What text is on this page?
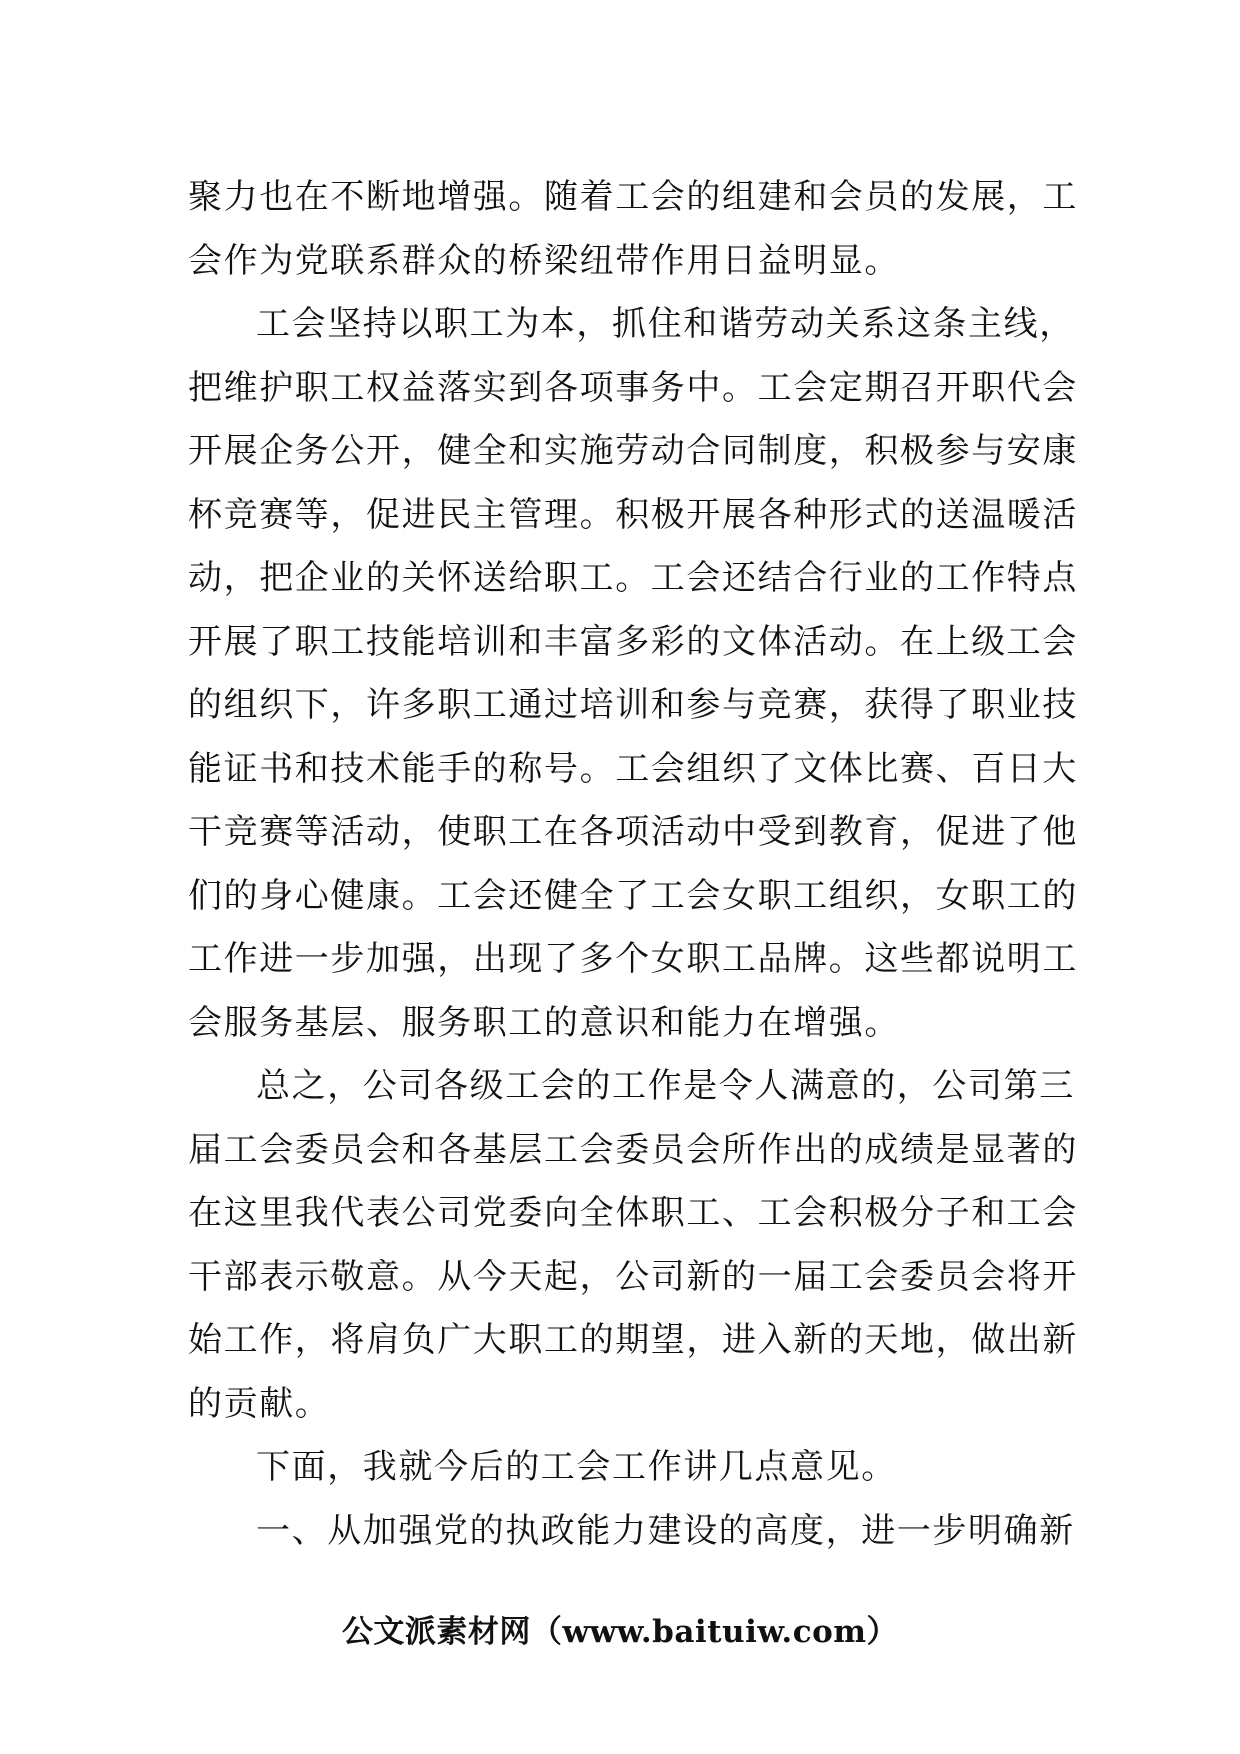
聚力也在不断地增强。随着工会的组建和会员的发展，工
会作为党联系群众的桥梁纽带作用日益明显。

工会坚持以职工为本，抓住和谐劳动关系这条主线，
把维护职工权益落实到各项事务中。工会定期召开职代会
开展企务公开，健全和实施劳动合同制度，积极参与安康
杯竞赛等，促进民主管理。积极开展各种形式的送温暖活
动，把企业的关怀送给职工。工会还结合行业的工作特点
开展了职工技能培训和丰富多彩的文体活动。在上级工会
的组织下，许多职工通过培训和参与竞赛，获得了职业技
能证书和技术能手的称号。工会组织了文体比赛、百日大
干竞赛等活动，使职工在各项活动中受到教育，促进了他
们的身心健康。工会还健全了工会女职工组织，女职工的
工作进一步加强，出现了多个女职工品牌。这些都说明工
会服务基层、服务职工的意识和能力在增强。

总之，公司各级工会的工作是令人满意的，公司第三
届工会委员会和各基层工会委员会所作出的成绩是显著的
在这里我代表公司党委向全体职工、工会积极分子和工会
干部表示敬意。从今天起，公司新的一届工会委员会将开
始工作，将肩负广大职工的期望，进入新的天地，做出新
的贡献。

下面，我就今后的工会工作讲几点意见。

一、从加强党的执政能力建设的高度，进一步明确新

公文派素材网（www.baituiw.com）
